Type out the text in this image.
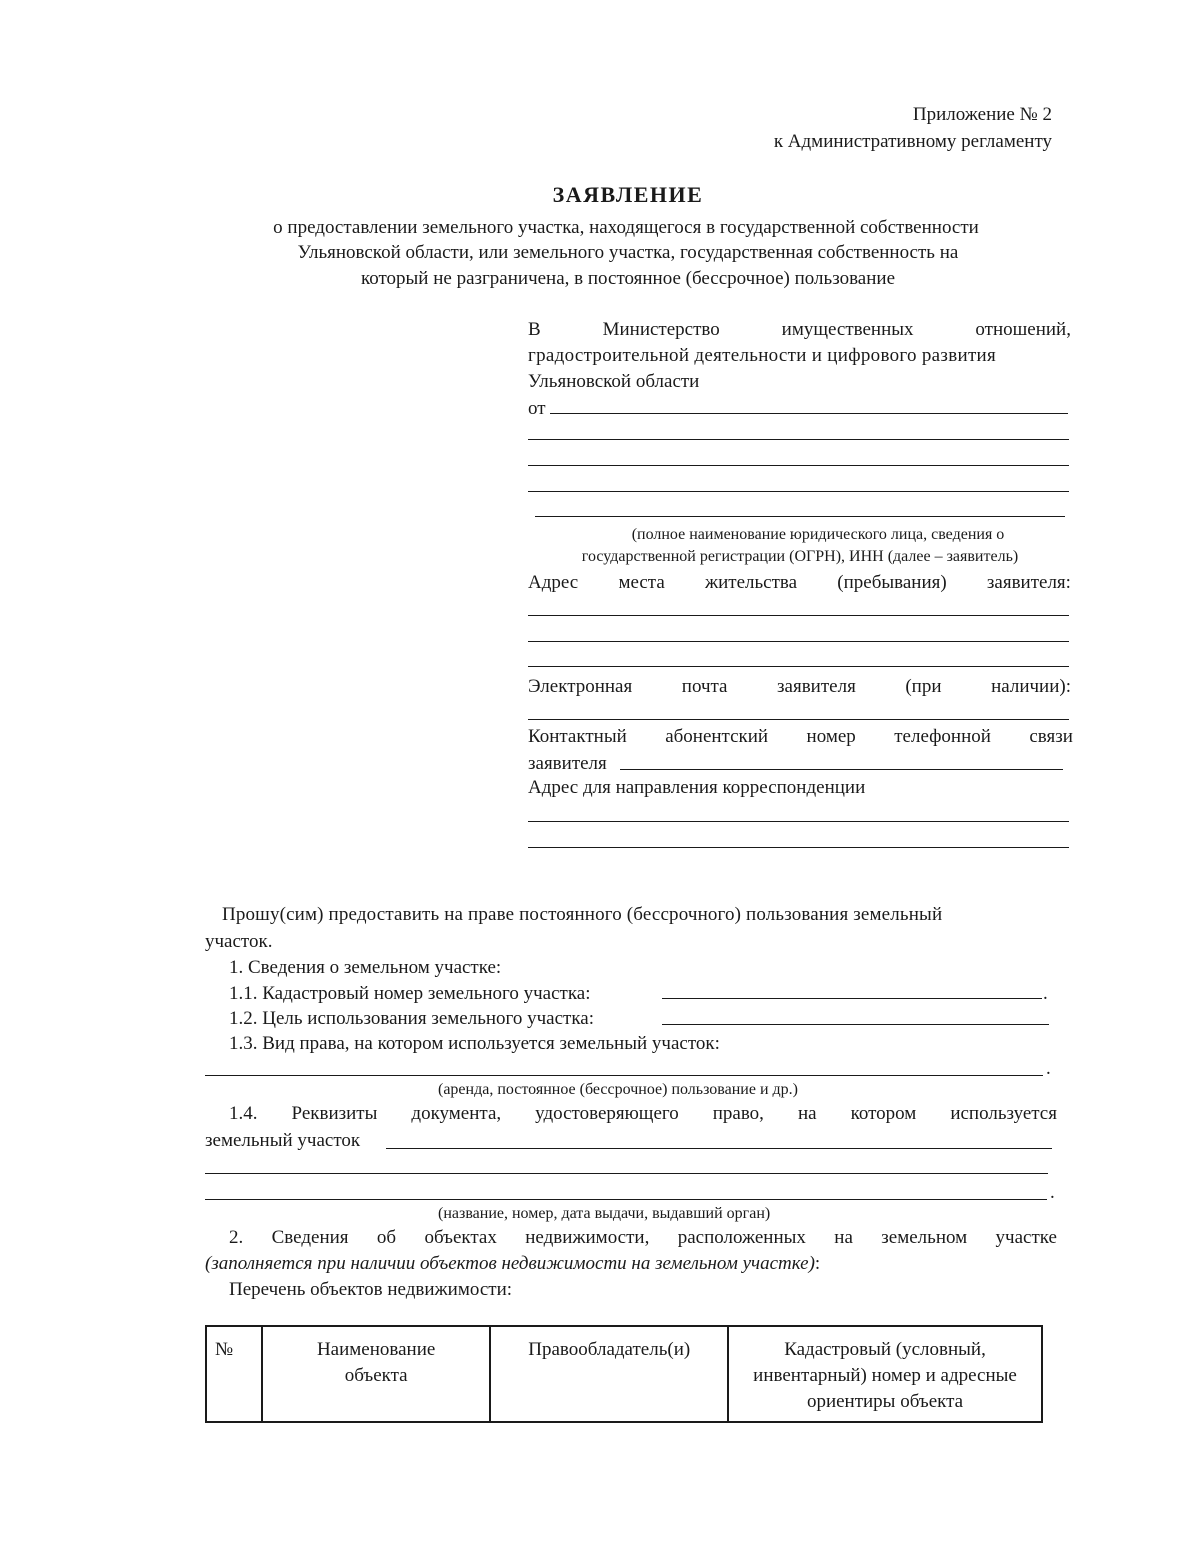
Приложение № 2
к Административному регламенту
ЗАЯВЛЕНИЕ
о предоставлении земельного участка, находящегося в государственной собственности
Ульяновской области, или земельного участка, государственная собственность на
который не разграничена, в постоянное (бессрочное) пользование
В	Министерство	имущественных	отношений,
градостроительной деятельности и цифрового развития
Ульяновской области
от
(полное наименование юридического лица, сведения о
государственной регистрации (ОГРН), ИНН (далее – заявитель)
Адрес места жительства (пребывания) заявителя:
Электронная	почта	заявителя	(при	наличии):
Контактный абонентский номер телефонной связи
заявителя
Адрес для направления корреспонденции
Прошу(сим) предоставить на праве постоянного (бессрочного) пользования земельный
участок.
1. Сведения о земельном участке:
1.1. Кадастровый номер земельного участка:	.
1.2. Цель использования земельного участка:
1.3. Вид права, на котором используется земельный участок:
.
(аренда, постоянное (бессрочное) пользование и др.)
1.4. Реквизиты документа, удостоверяющего право, на котором используется
земельный участок
.
(название, номер, дата выдачи, выдавший орган)
2. Сведения об объектах недвижимости, расположенных на земельном участке
(заполняется при наличии объектов недвижимости на земельном участке):
Перечень объектов недвижимости:
№	Наименование объекта	Правообладатель(и)	Кадастровый (условный, инвентарный) номер и адресные ориентиры объекта
